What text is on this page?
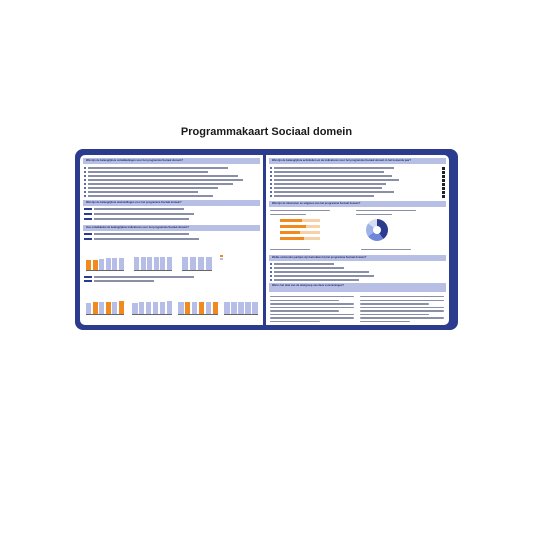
Programmakaart Sociaal domein
Wat zijn de belangrijkste ontwikkelingen voor het programma Sociaal domein?
Wat zijn de belangrijkste doelstellingen voor het programma Sociaal domein?
Hoe ontwikkelen de belangrijkste indicatoren voor het programma Sociaal domein?
Wat zijn de belangrijkste activiteiten en de indicatoren voor het programma Sociaal domein in het komende jaar?
Wat zijn de inkomsten en uitgaven van het programma Sociaal domein?
Welke verbonden partijen zijn betrokken bij het programma Sociaal domein?
Wat is het doel van de doelgroep van deze voorzieningen?
